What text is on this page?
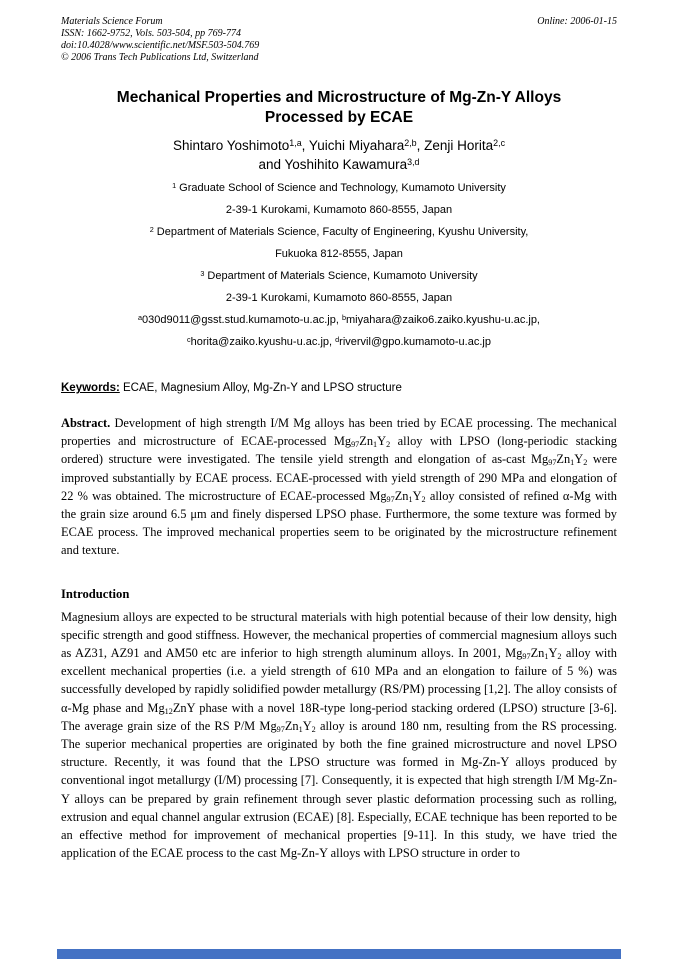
Materials Science Forum
ISSN: 1662-9752, Vols. 503-504, pp 769-774
doi:10.4028/www.scientific.net/MSF.503-504.769
© 2006 Trans Tech Publications Ltd, Switzerland
Online: 2006-01-15
Mechanical Properties and Microstructure of Mg-Zn-Y Alloys
Processed by ECAE
Shintaro Yoshimoto$^{1,a}$, Yuichi Miyahara$^{2,b}$, Zenji Horita$^{2,c}$
and Yoshihito Kawamura$^{3,d}$
$^1$ Graduate School of Science and Technology, Kumamoto University
2-39-1 Kurokami, Kumamoto 860-8555, Japan
$^2$ Department of Materials Science, Faculty of Engineering, Kyushu University,
Fukuoka 812-8555, Japan
$^3$ Department of Materials Science, Kumamoto University
2-39-1 Kurokami, Kumamoto 860-8555, Japan
$^a$030d9011@gsst.stud.kumamoto-u.ac.jp, $^b$miyahara@zaiko6.zaiko.kyushu-u.ac.jp,
$^c$horita@zaiko.kyushu-u.ac.jp, $^d$rivervil@gpo.kumamoto-u.ac.jp
Keywords: ECAE, Magnesium Alloy, Mg-Zn-Y and LPSO structure

Abstract. Development of high strength I/M Mg alloys has been tried by ECAE processing. The mechanical properties and microstructure of ECAE-processed $Mg_{97}Zn_1Y_2$ alloy with LPSO (long-periodic stacking ordered) structure were investigated. The tensile yield strength and elongation of as-cast $Mg_{97}Zn_1Y_2$ were improved substantially by ECAE process. ECAE-processed with yield strength of 290 MPa and elongation of 22 % was obtained. The microstructure of ECAE-processed $Mg_{97}Zn_1Y_2$ alloy consisted of refined α-Mg with the grain size around 6.5 μm and finely dispersed LPSO phase. Furthermore, the some texture was formed by ECAE process. The improved mechanical properties seem to be originated by the microstructure refinement and texture.

Introduction

Magnesium alloys are expected to be structural materials with high potential because of their low density, high specific strength and good stiffness. However, the mechanical properties of commercial magnesium alloys such as AZ31, AZ91 and AM50 etc are inferior to high strength aluminum alloys. In 2001, $Mg_{97}Zn_1Y_2$ alloy with excellent mechanical properties (i.e. a yield strength of 610 MPa and an elongation to failure of 5 %) was successfully developed by rapidly solidified powder metallurgy (RS/PM) processing [1,2]. The alloy consists of α-Mg phase and $Mg_{12}ZnY$ phase with a novel 18R-type long-period stacking ordered (LPSO) structure [3-6]. The average grain size of the RS P/M $Mg_{97}Zn_1Y_2$ alloy is around 180 nm, resulting from the RS processing. The superior mechanical properties are originated by both the fine grained microstructure and novel LPSO structure. Recently, it was found that the LPSO structure was formed in Mg-Zn-Y alloys produced by conventional ingot metallurgy (I/M) processing [7]. Consequently, it is expected that high strength I/M Mg-Zn-Y alloys can be prepared by grain refinement through sever plastic deformation processing such as rolling, extrusion and equal channel angular extrusion (ECAE) [8]. Especially, ECAE technique has been reported to be an effective method for improvement of mechanical properties [9-11]. In this study, we have tried the application of the ECAE process to the cast Mg-Zn-Y alloys with LPSO structure in order to
